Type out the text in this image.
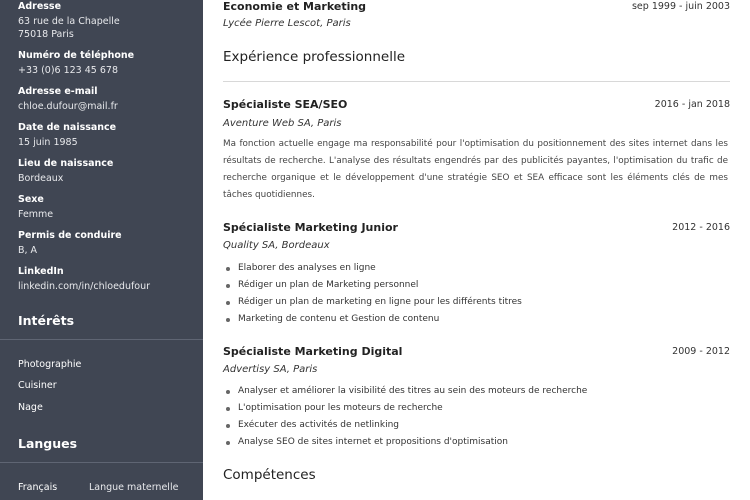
Adresse
63 rue de la Chapelle
75018 Paris
Numéro de téléphone
+33 (0)6 123 45 678
Adresse e-mail
chloe.dufour@mail.fr
Date de naissance
15 juin 1985
Lieu de naissance
Bordeaux
Sexe
Femme
Permis de conduire
B, A
LinkedIn
linkedin.com/in/chloedufour
Intérêts
Photographie
Cuisiner
Nage
Langues
Français	Langue maternelle
Economie et Marketing	sep 1999 - juin 2003
Lycée Pierre Lescot, Paris
Expérience professionnelle
Spécialiste SEA/SEO	2016 - jan 2018
Aventure Web SA, Paris
Ma fonction actuelle engage ma responsabilité pour l'optimisation du positionnement des sites internet dans les résultats de recherche. L'analyse des résultats engendrés par des publicités payantes, l'optimisation du trafic de recherche organique et le développement d'une stratégie SEO et SEA efficace sont les éléments clés de mes tâches quotidiennes.
Spécialiste Marketing Junior	2012 - 2016
Quality SA, Bordeaux
Elaborer des analyses en ligne
Rédiger un plan de Marketing personnel
Rédiger un plan de marketing en ligne pour les différents titres
Marketing de contenu et Gestion de contenu
Spécialiste Marketing Digital	2009 - 2012
Advertisy SA, Paris
Analyser et améliorer la visibilité des titres au sein des moteurs de recherche
L'optimisation pour les moteurs de recherche
Exécuter des activités de netlinking
Analyse SEO de sites internet et propositions d'optimisation
Compétences
